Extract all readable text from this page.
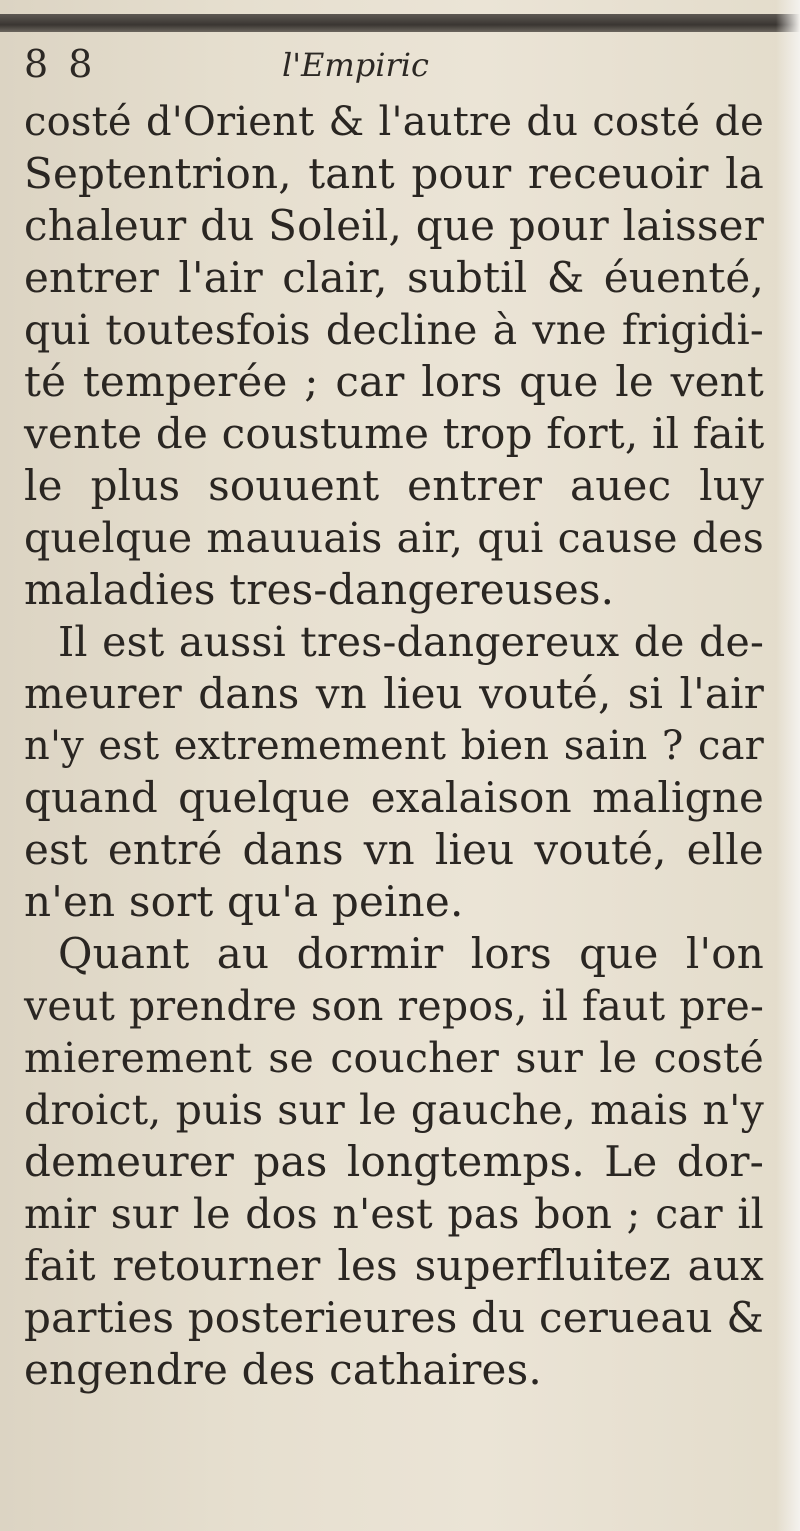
8 8	l'Empiric
costé d'Orient & l'autre du costé de
Septentrion, tant pour receuoir la
chaleur du Soleil, que pour laisser
entrer l'air clair, subtil & éuenté,
qui toutesfois decline à vne frigidi-
té temperée ; car lors que le vent
vente de coustume trop fort, il fait
le plus souuent entrer auec luy
quelque mauuais air, qui cause des
maladies tres-dangereuses.
Il est aussi tres-dangereux de de-
meurer dans vn lieu vouté, si l'air
n'y est extremement bien sain ? car
quand quelque exalaison maligne
est entré dans vn lieu vouté, elle
n'en sort qu'a peine.
Quant au dormir lors que l'on
veut prendre son repos, il faut pre-
mierement se coucher sur le costé
droict, puis sur le gauche, mais n'y
demeurer pas longtemps. Le dor-
mir sur le dos n'est pas bon ; car il
fait retourner les superfluitez aux
parties posterieures du cerueau &
engendre des cathaires.
